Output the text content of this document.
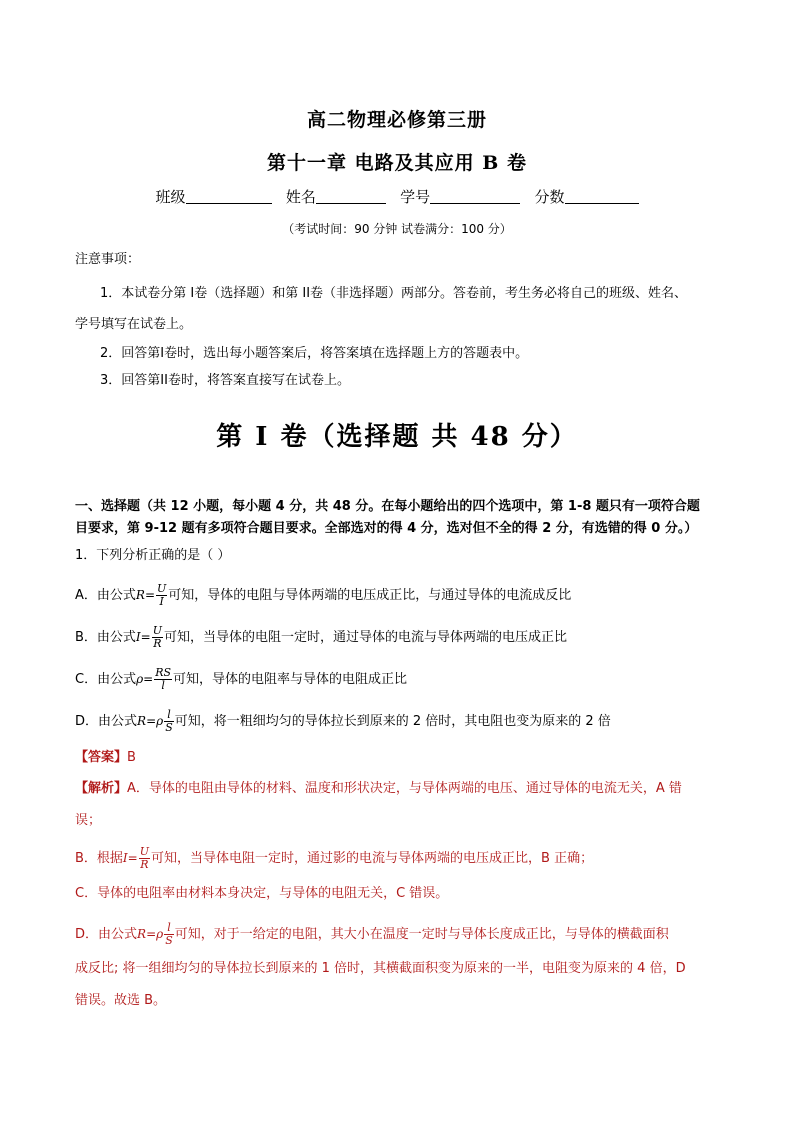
高二物理必修第三册
第十一章 电路及其应用 B 卷
班级	姓名	学号	分数
（考试时间：90 分钟 试卷满分：100 分）
注意事项：
1．本试卷分第 I卷（选择题）和第 II卷（非选择题）两部分。答卷前，考生务必将自己的班级、姓名、
学号填写在试卷上。
2．回答第I卷时，选出每小题答案后，将答案填在选择题上方的答题表中。
3．回答第II卷时，将答案直接写在试卷上。
第 I 卷（选择题 共 48 分）
一、选择题（共 12 小题，每小题 4 分，共 48 分。在每小题给出的四个选项中，第 1-8 题只有一项符合题
目要求，第 9-12 题有多项符合题目要求。全部选对的得 4 分，选对但不全的得 2 分，有选错的得 0 分。）
1．下列分析正确的是（ ）
A．由公式$R= \frac{U}{I}$ 可知，导体的电阻与导体两端的电压成正比，与通过导体的电流成反比
B．由公式$I= \frac{U}{R}$ 可知，当导体的电阻一定时，通过导体的电流与导体两端的电压成正比
C．由公式$\rho= \frac{RS}{l}$ 可知，导体的电阻率与导体的电阻成正比
D．由公式$R=\rho \frac{l}{S}$ 可知，将一粗细均匀的导体拉长到原来的 2 倍时，其电阻也变为原来的 2 倍
【答案】B
【解析】A．导体的电阻由导体的材料、温度和形状决定，与导体两端的电压、通过导体的电流无关，A 错
误；
B．根据$I= \frac{U}{R}$ 可知，当导体电阻一定时，通过影的电流与导体两端的电压成正比，B 正确；
C．导体的电阻率由材料本身决定，与导体的电阻无关，C 错误。
D．由公式$R=\rho \frac{l}{S}$ 可知，对于一给定的电阻，其大小在温度一定时与导体长度成正比，与导体的横截面积
成反比; 将一组细均匀的导体拉长到原来的 1 倍时，其横截面积变为原来的一半，电阻变为原来的 4 倍，D
错误。故选 B。
